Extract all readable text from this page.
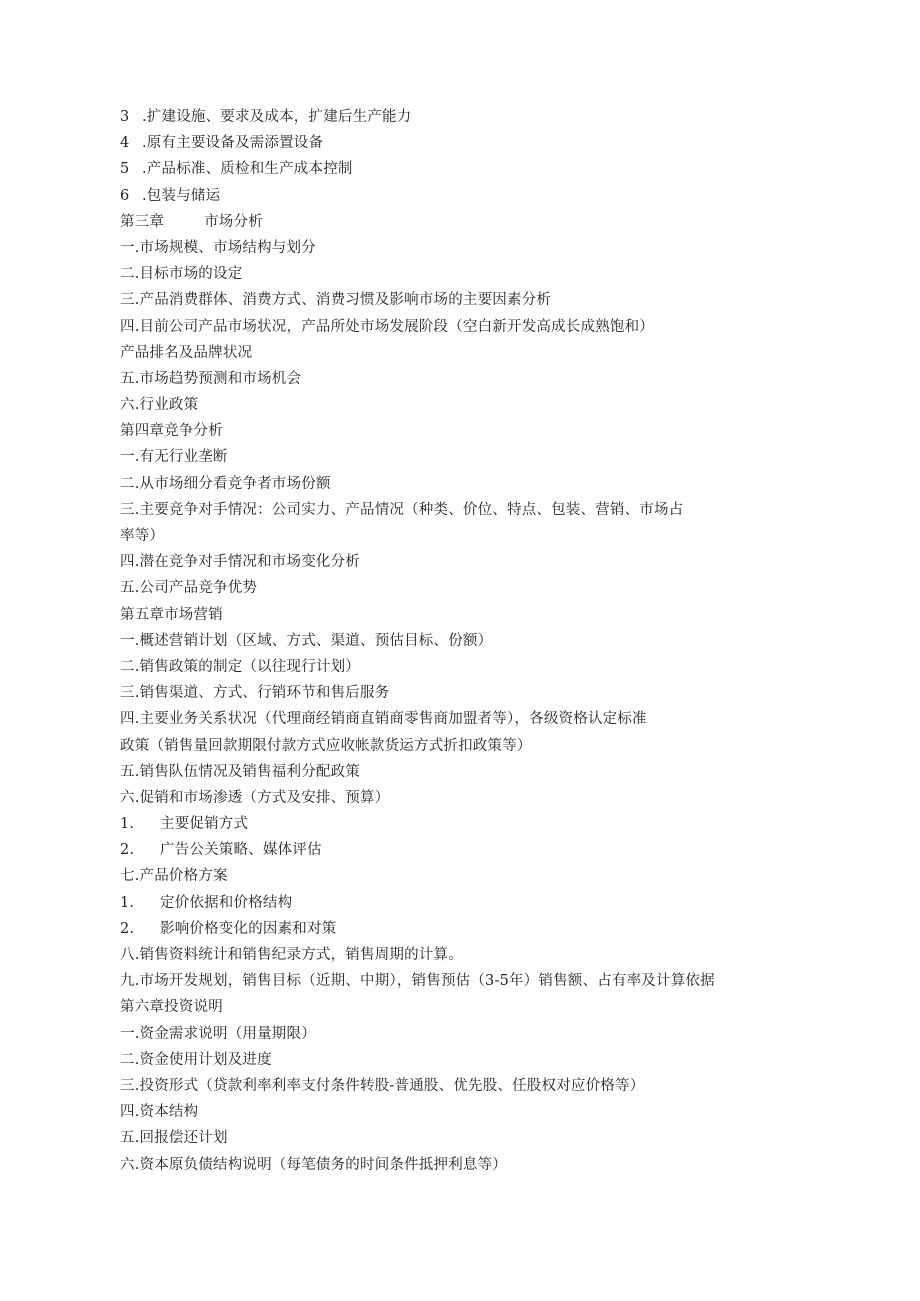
3 .扩建设施、要求及成本，扩建后生产能力
4 .原有主要设备及需添置设备
5 .产品标准、质检和生产成本控制
6 .包装与储运
第三章	市场分析
一.市场规模、市场结构与划分
二.目标市场的设定
三.产品消费群体、消费方式、消费习惯及影响市场的主要因素分析
四.目前公司产品市场状况，产品所处市场发展阶段（空白新开发高成长成熟饱和）
产品排名及品牌状况
五.市场趋势预测和市场机会
六.行业政策
第四章竞争分析
一.有无行业垄断
二.从市场细分看竞争者市场份额
三.主要竞争对手情况：公司实力、产品情况（种类、价位、特点、包装、营销、市场占
率等）
四.潜在竞争对手情况和市场变化分析
五.公司产品竞争优势
第五章市场营销
一.概述营销计划（区域、方式、渠道、预估目标、份额）
二.销售政策的制定（以往现行计划）
三.销售渠道、方式、行销环节和售后服务
四.主要业务关系状况（代理商经销商直销商零售商加盟者等），各级资格认定标准
政策（销售量回款期限付款方式应收帐款货运方式折扣政策等）
五.销售队伍情况及销售福利分配政策
六.促销和市场渗透（方式及安排、预算）
1. 主要促销方式
2. 广告公关策略、媒体评估
七.产品价格方案
1. 定价依据和价格结构
2. 影响价格变化的因素和对策
八.销售资料统计和销售纪录方式，销售周期的计算。
九.市场开发规划，销售目标（近期、中期），销售预估（3-5年）销售额、占有率及计算依据
第六章投资说明
一.资金需求说明（用量期限）
二.资金使用计划及进度
三.投资形式（贷款利率利率支付条件转股-普通股、优先股、任股权对应价格等）
四.资本结构
五.回报偿还计划
六.资本原负债结构说明（每笔债务的时间条件抵押利息等）
